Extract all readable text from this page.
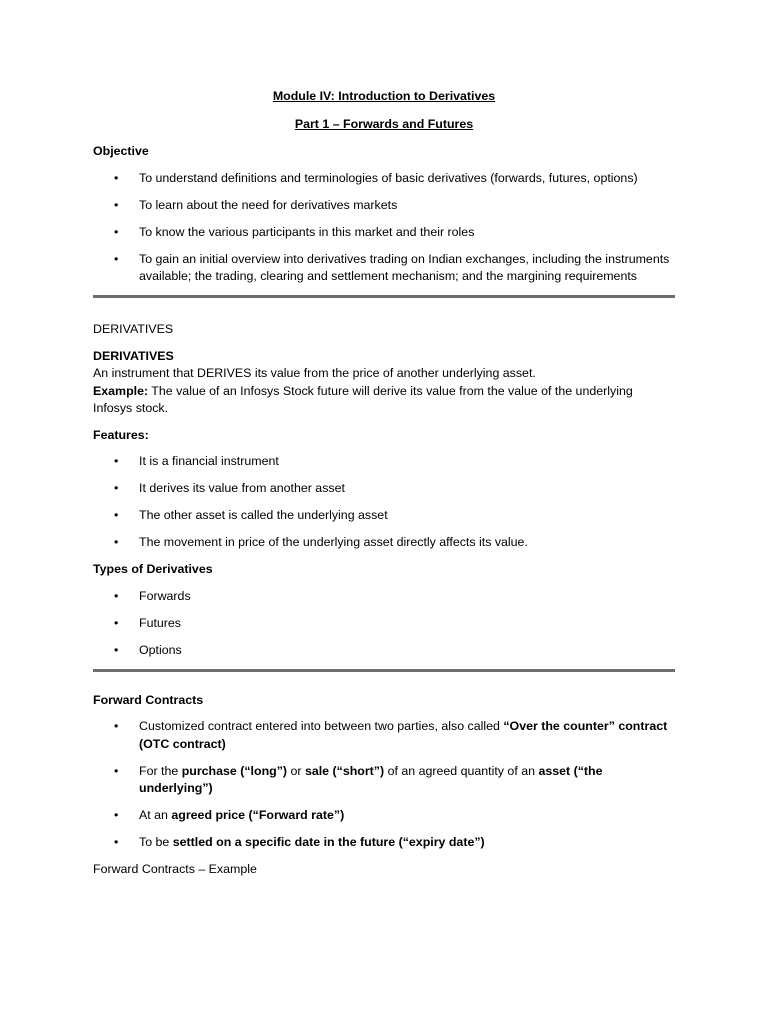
Module IV: Introduction to Derivatives

Part 1 – Forwards and Futures

Objective

• To understand definitions and terminologies of basic derivatives (forwards, futures, options)
• To learn about the need for derivatives markets
• To know the various participants in this market and their roles
• To gain an initial overview into derivatives trading on Indian exchanges, including the instruments available; the trading, clearing and settlement mechanism; and the margining requirements

DERIVATIVES

DERIVATIVES

An instrument that DERIVES its value from the price of another underlying asset.

Example: The value of an Infosys Stock future will derive its value from the value of the underlying Infosys stock.

Features:

• It is a financial instrument
• It derives its value from another asset
• The other asset is called the underlying asset
• The movement in price of the underlying asset directly affects its value.

Types of Derivatives

• Forwards
• Futures
• Options

Forward Contracts

• Customized contract entered into between two parties, also called “Over the counter” contract (OTC contract)
• For the purchase (“long”) or sale (“short”) of an agreed quantity of an asset (“the underlying”)
• At an agreed price (“Forward rate”)
• To be settled on a specific date in the future (“expiry date”)

Forward Contracts – Example
